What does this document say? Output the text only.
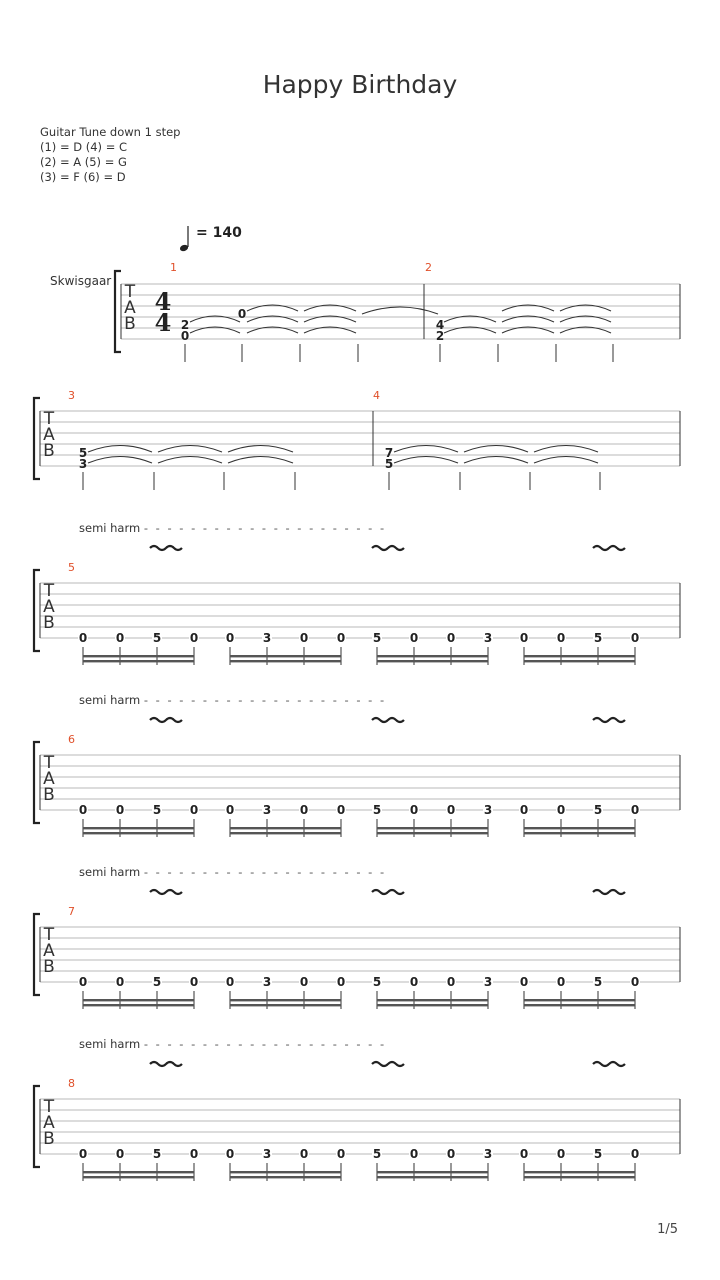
Happy Birthday
Guitar Tune down 1 step
(1) = D (4) = C
(2) = A (5) = G
(3) = F (6) = D
= 140
Skwisgaar
1	2
3	4
5
6
7
8
semi harm - - - - - - - - - - - - - - - - - - - - -
semi harm - - - - - - - - - - - - - - - - - - - - -
semi harm - - - - - - - - - - - - - - - - - - - - -
semi harm - - - - - - - - - - - - - - - - - - - - -
T
A
B
4
4 2
0
0
4
2
T
A
B 5
3
7
5
T
A
B
0 0 5 0 0 3 0 0 5 0 0 3 0 0 5 0
T
A
B
0 0 5 0 0 3 0 0 5 0 0 3 0 0 5 0
T
A
B
0 0 5 0 0 3 0 0 5 0 0 3 0 0 5 0
T
A
B
0 0 5 0 0 3 0 0 5 0 0 3 0 0 5 0
1/5
